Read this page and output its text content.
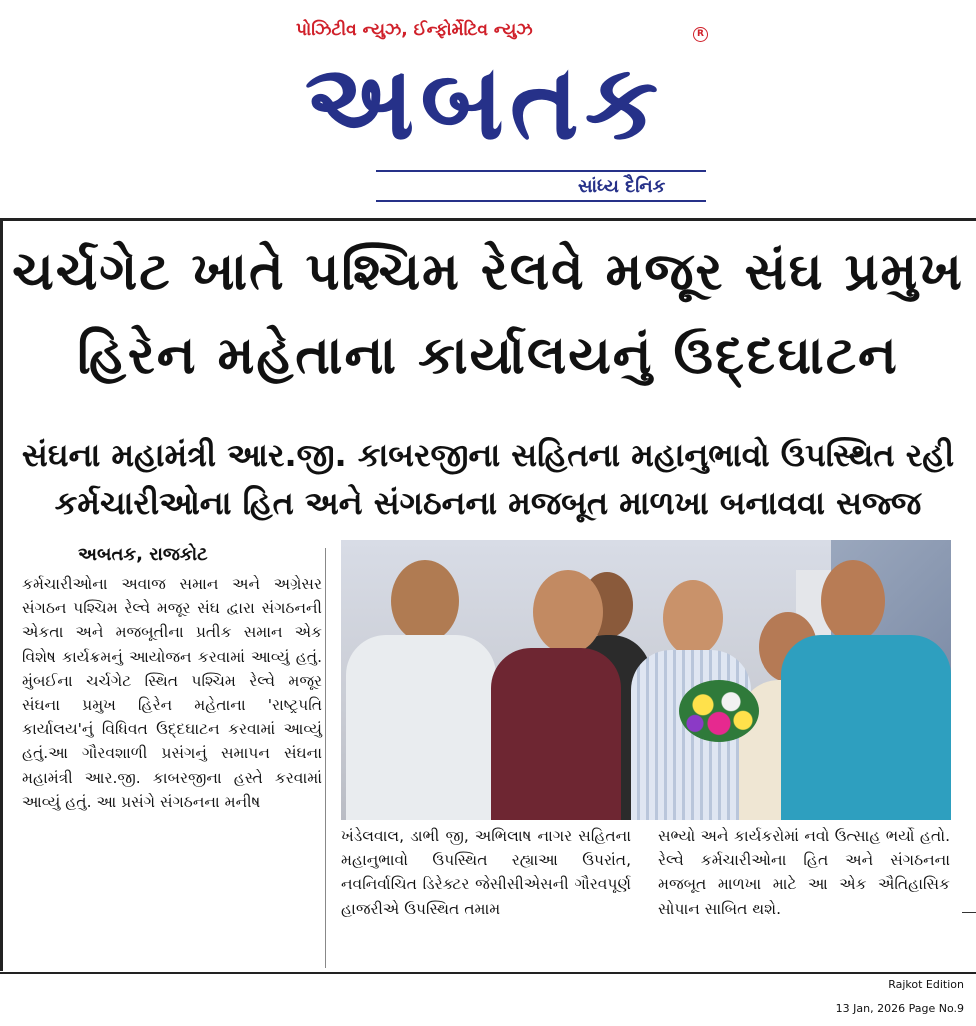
પોઝિટીવ ન્યુઝ, ઈન્ફોર્મેટિવ ન્યુઝ	R
અબતક
સાંધ્ય દૈનિક
ચર્ચગેટ ખાતે પશ્ચિમ રેલવે મજૂર સંઘ પ્રમુખ
હિરેન મહેતાના કાર્યાલયનું ઉદ્દઘાટન
સંઘના મહામંત્રી આર.જી. કાબરજીના સહિતના મહાનુભાવો ઉપસ્થિત રહી
કર્મચારીઓના હિત અને સંગઠનના મજબૂત માળખા બનાવવા સજ્જ
અબતક, રાજકોટ

કર્મચારીઓના અવાજ સમાન અને અગ્રેસર સંગઠન પશ્ચિમ રેલ્વે મજૂર સંઘ દ્વારા સંગઠનની એકતા અને મજબૂતીના પ્રતીક સમાન એક વિશેષ કાર્યક્રમનું આયોજન કરવામાં આવ્યું હતું. મુંબઈના ચર્ચગેટ સ્થિત પશ્ચિમ રેલ્વે મજૂર સંઘના પ્રમુખ હિરેન મહેતાના 'રાષ્ટ્રપતિ કાર્યાલય'નું વિધિવત ઉદ્દઘાટન કરવામાં આવ્યું હતું.આ ગૌરવશાળી પ્રસંગનું સમાપન સંઘના મહામંત્રી આર.જી. કાબરજીના હસ્તે કરવામાં આવ્યું હતું. આ પ્રસંગે સંગઠનના મનીષ

ખંડેલવાલ, ડાભી જી, અભિલાષ નાગર સહિતના મહાનુભાવો ઉપસ્થિત રહ્યાઆ ઉપરાંત, નવનિર્વાચિત ડિરેક્ટર જેસીસીએસની ગૌરવપૂર્ણ હાજરીએ ઉપસ્થિત તમામ

સભ્યો અને કાર્યકરોમાં નવો ઉત્સાહ ભર્યો હતો. રેલ્વે કર્મચારીઓના હિત અને સંગઠનના મજબૂત માળખા માટે આ એક ઐતિહાસિક સોપાન સાબિત થશે.

Rajkot Edition
13 Jan, 2026 Page No.9
